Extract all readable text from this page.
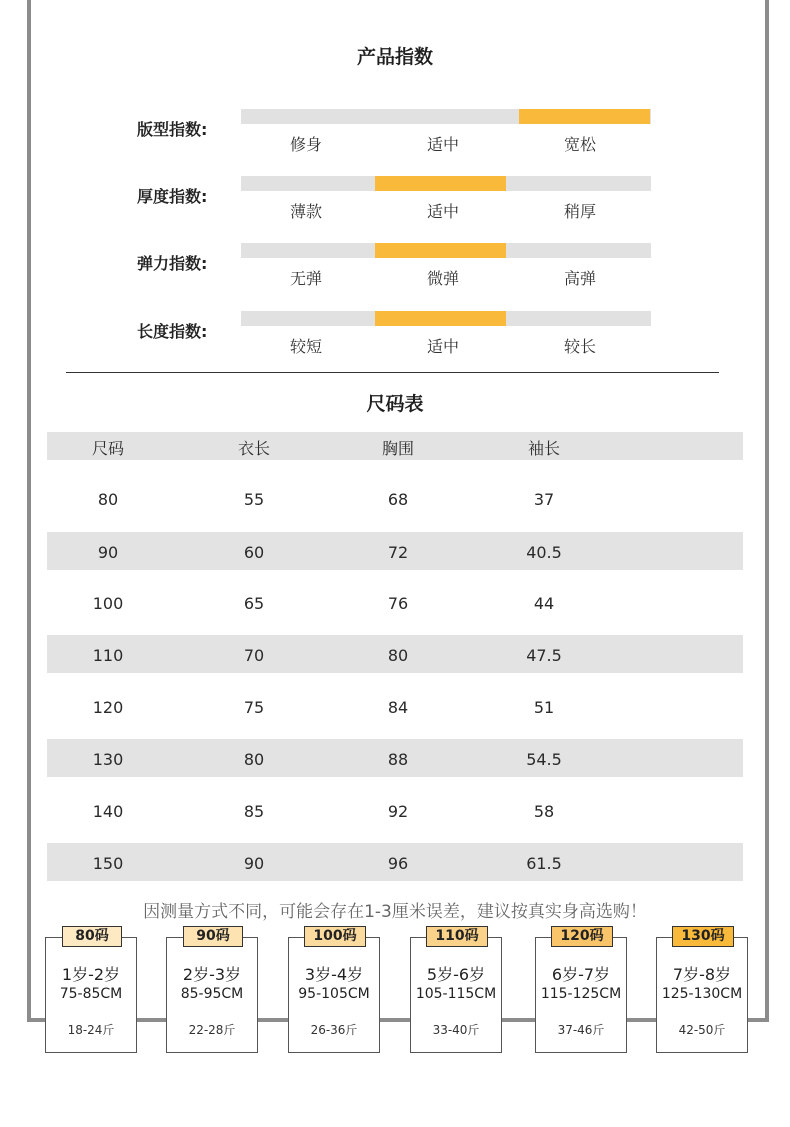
产品指数
版型指数:
修身	适中	宽松
厚度指数:
薄款	适中	稍厚
弹力指数:
无弹	微弹	高弹
长度指数:
较短	适中	较长
尺码表
尺码	衣长	胸围	袖长
80	55	68	37
90	60	72	40.5
100	65	76	44
110	70	80	47.5
120	75	84	51
130	80	88	54.5
140	85	92	58
150	90	96	61.5
因测量方式不同，可能会存在1-3厘米误差，建议按真实身高选购！
1岁-2岁
75-85CM
18-24斤
80码
2岁-3岁
85-95CM
22-28斤
90码
3岁-4岁
95-105CM
26-36斤
100码
5岁-6岁
105-115CM
33-40斤
110码
6岁-7岁
115-125CM
37-46斤
120码
7岁-8岁
125-130CM
42-50斤
130码
